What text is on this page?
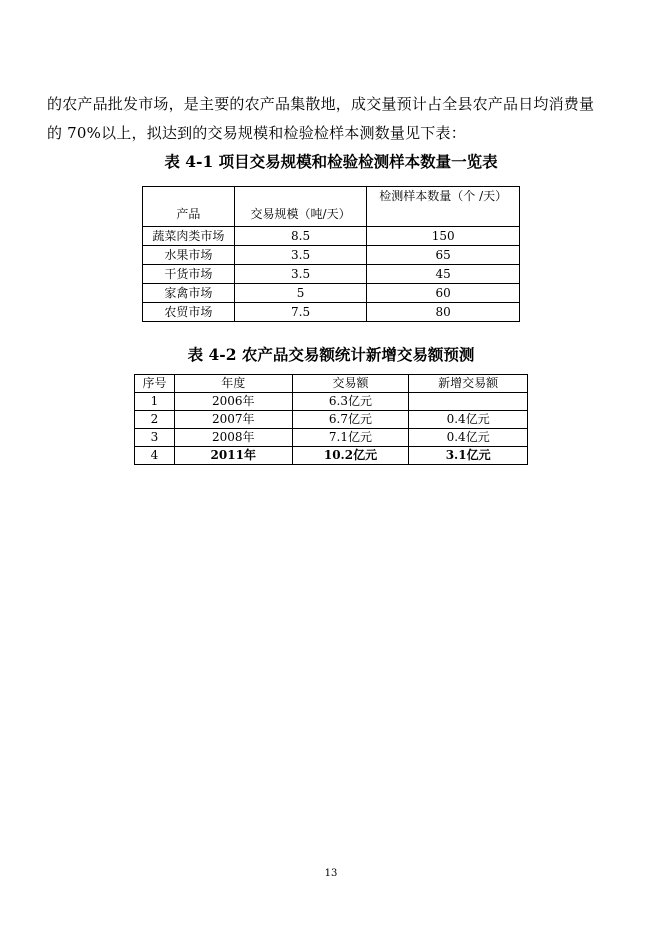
的农产品批发市场，是主要的农产品集散地，成交量预计占全县农产品日均消费量

的 70%以上，拟达到的交易规模和检验检样本测数量见下表：

表 4-1 项目交易规模和检验检测样本数量一览表

产品	交易规模（吨/天）	检测样本数量（个 /天）
蔬菜肉类市场	8.5	150
水果市场	3.5	65
干货市场	3.5	45
家禽市场	5	60
农贸市场	7.5	80

表 4-2 农产品交易额统计新增交易额预测

序号	年度	交易额	新增交易额
1	2006年	6.3亿元	
2	2007年	6.7亿元	0.4亿元
3	2008年	7.1亿元	0.4亿元
4	2011年	10.2亿元	3.1亿元
13
